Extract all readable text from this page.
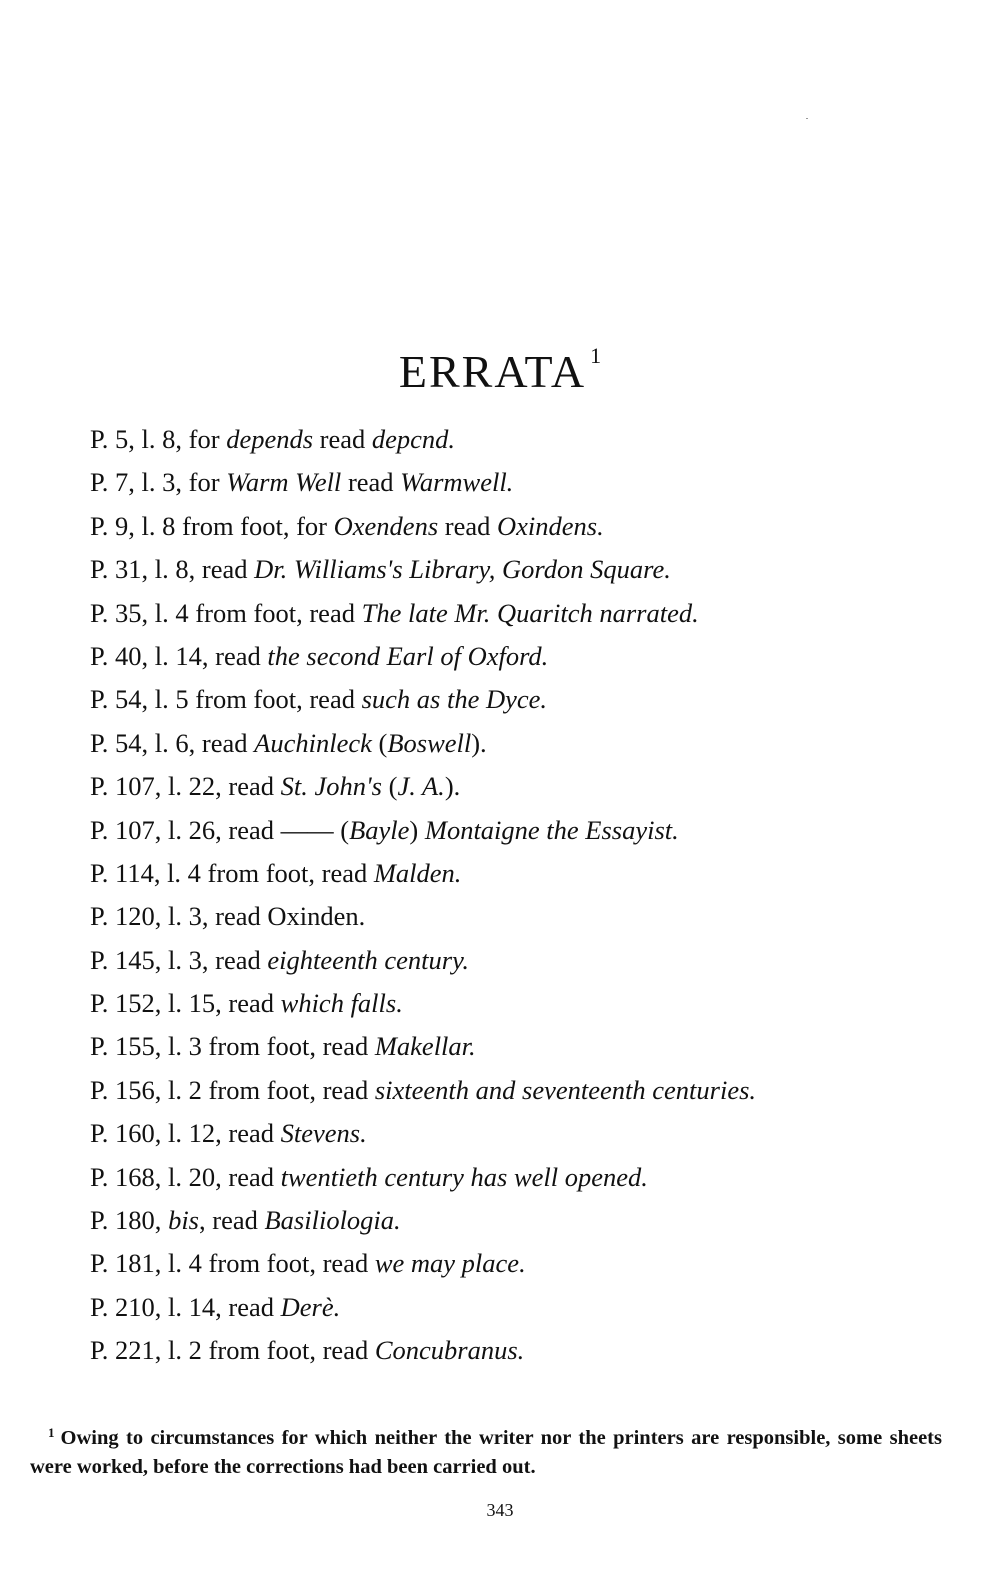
ERRATA $^1$
P. 5, l. 8, for depends read depcnd.
P. 7, l. 3, for Warm Well read Warmwell.
P. 9, l. 8 from foot, for Oxendens read Oxindens.
P. 31, l. 8, read Dr. Williams's Library, Gordon Square.
P. 35, l. 4 from foot, read The late Mr. Quaritch narrated.
P. 40, l. 14, read the second Earl of Oxford.
P. 54, l. 5 from foot, read such as the Dyce.
P. 54, l. 6, read Auchinleck (Boswell).
P. 107, l. 22, read St. John's (J. A.).
P. 107, l. 26, read —— (Bayle) Montaigne the Essayist.
P. 114, l. 4 from foot, read Malden.
P. 120, l. 3, read Oxinden.
P. 145, l. 3, read eighteenth century.
P. 152, l. 15, read which falls.
P. 155, l. 3 from foot, read Makellar.
P. 156, l. 2 from foot, read sixteenth and seventeenth centuries.
P. 160, l. 12, read Stevens.
P. 168, l. 20, read twentieth century has well opened.
P. 180, bis, read Basiliologia.
P. 181, l. 4 from foot, read we may place.
P. 210, l. 14, read Derè.
P. 221, l. 2 from foot, read Concubranus.
$^1$ Owing to circumstances for which neither the writer nor the printers are responsible, some sheets were worked, before the corrections had been carried out.
343
